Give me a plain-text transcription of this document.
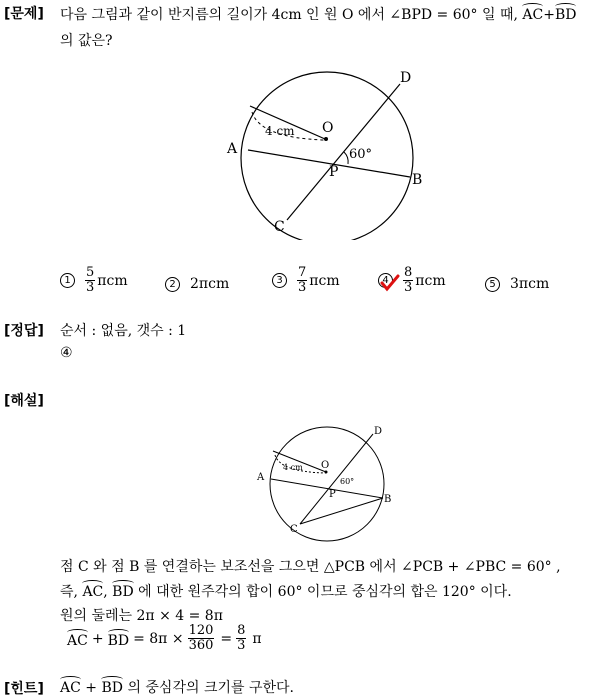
[문제] 다음 그림과 같이 반지름의 길이가 4cm 인 원 O 에서 ∠BPD = 60° 일 때, AC+BD
의 값은?
O
A
B
C
D
P
4 cm
60°
1	$\frac{5}{3}$ πcm	2	2πcm	3	$\frac{7}{3}$ πcm	4	$\frac{8}{3}$ πcm	5	3πcm
[정답] 순서 : 없음, 갯수 : 1
④
[해설]
O
A
B
C
D
P
4 cm
60°
점 C 와 점 B 를 연결하는 보조선을 그으면 △PCB 에서 ∠PCB + ∠PBC = 60° ,
즉, AC, BD 에 대한 원주각의 합이 60° 이므로 중심각의 합은 120° 이다.
원의 둘레는 2π × 4 = 8π
AC + BD = $8\pi \times \frac{120}{360} = \frac{8}{3}$ π
[힌트] AC + BD 의 중심각의 크기를 구한다.
